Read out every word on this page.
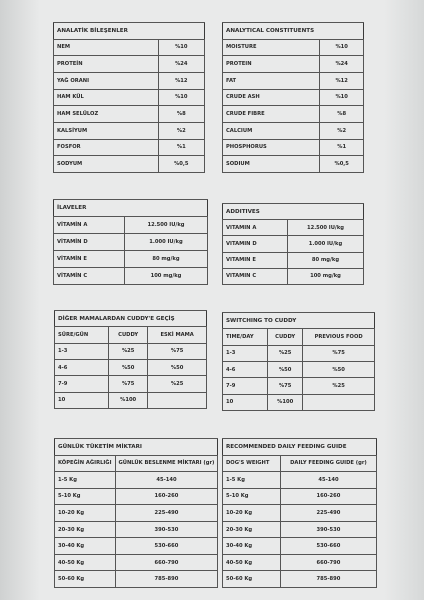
ANALATİK BİLEŞENLER	
NEM	%10
PROTEİN	%24
YAĞ ORANI	%12
HAM KÜL	%10
HAM SELÜLOZ	%8
KALSİYUM	%2
FOSFOR	%1
SODYUM	%0,5
ANALYTICAL CONSTITUENTS	
MOISTURE	%10
PROTEIN	%24
FAT	%12
CRUDE ASH	%10
CRUDE FIBRE	%8
CALCIUM	%2
PHOSPHORUS	%1
SODIUM	%0,5
İLAVELER	
VİTAMİN A	12.500 IU/kg
VİTAMİN D	1.000 IU/kg
VİTAMİN E	80 mg/kg
VİTAMİN C	100 mg/kg
ADDITIVES	
VITAMIN A	12.500 IU/kg
VITAMIN D	1.000 IU/kg
VITAMIN E	80 mg/kg
VITAMIN C	100 mg/kg
DİĞER MAMALARDAN CUDDY'E GEÇİŞ		
SÜRE/GÜN	CUDDY	ESKİ MAMA
1-3	%25	%75
4-6	%50	%50
7-9	%75	%25
10	%100	
SWITCHING TO CUDDY		
TIME/DAY	CUDDY	PREVIOUS FOOD
1-3	%25	%75
4-6	%50	%50
7-9	%75	%25
10	%100	
GÜNLÜK TÜKETİM MİKTARI	
KÖPEĞİN AĞIRLIĞI	GÜNLÜK BESLENME MİKTARI (gr)
1-5 Kg	45-140
5-10 Kg	160-260
10-20 Kg	225-490
20-30 Kg	390-530
30-40 Kg	530-660
40-50 Kg	660-790
50-60 Kg	785-890
RECOMMENDED DAILY FEEDING GUIDE	
DOG'S WEIGHT	DAILY FEEDING GUIDE (gr)
1-5 Kg	45-140
5-10 Kg	160-260
10-20 Kg	225-490
20-30 Kg	390-530
30-40 Kg	530-660
40-50 Kg	660-790
50-60 Kg	785-890
